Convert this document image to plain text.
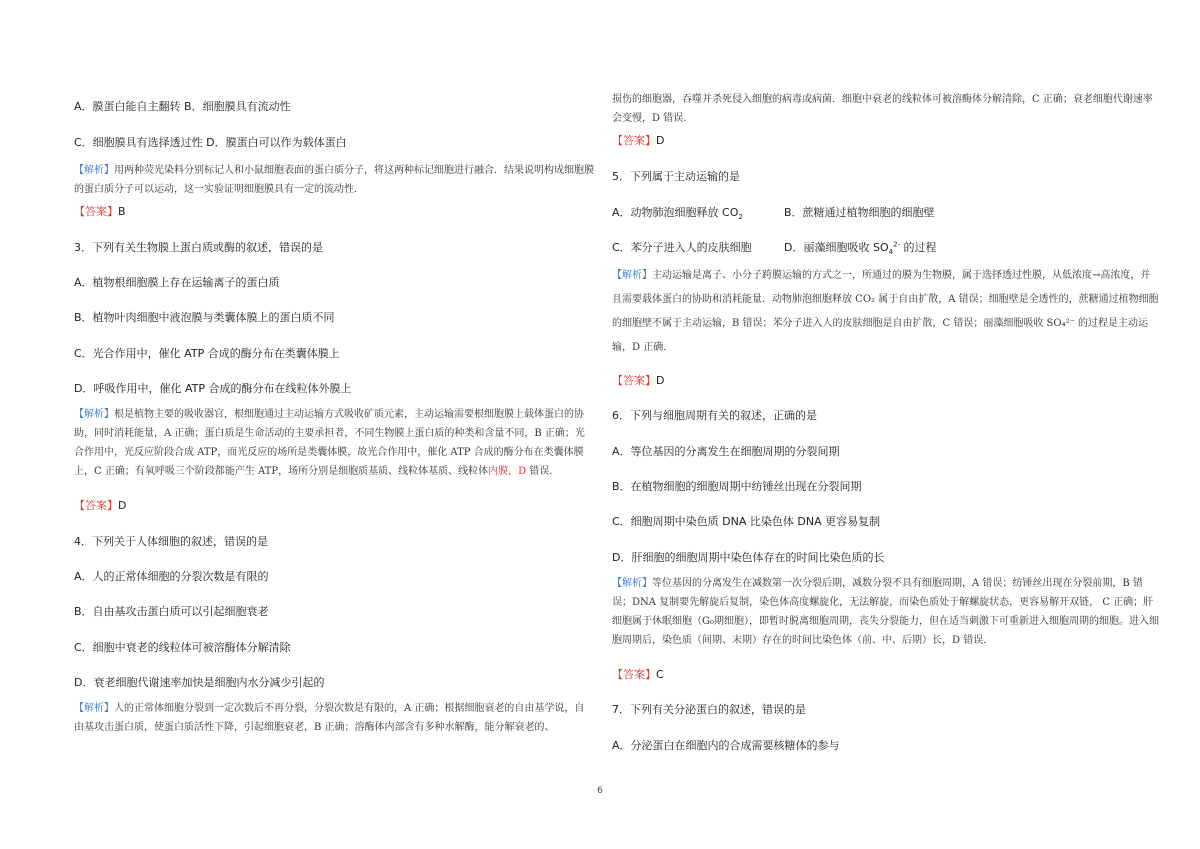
A．膜蛋白能自主翻转 B．细胞膜具有流动性
C．细胞膜具有选择透过性 D．膜蛋白可以作为载体蛋白
【解析】用两种荧光染料分别标记人和小鼠细胞表面的蛋白质分子，将这两种标记细胞进行融合．结果说明构成细胞膜的蛋白质分子可以运动，这一实验证明细胞膜具有一定的流动性．
【答案】B
3．下列有关生物膜上蛋白质或酶的叙述，错误的是
A．植物根细胞膜上存在运输离子的蛋白质
B．植物叶肉细胞中液泡膜与类囊体膜上的蛋白质不同
C．光合作用中，催化 ATP 合成的酶分布在类囊体膜上
D．呼吸作用中，催化 ATP 合成的酶分布在线粒体外膜上
【解析】根是植物主要的吸收器官，根细胞通过主动运输方式吸收矿质元素，主动运输需要根细胞膜上载体蛋白的协助，同时消耗能量，A 正确；蛋白质是生命活动的主要承担者，不同生物膜上蛋白质的种类和含量不同，B 正确；光合作用中，光反应阶段合成 ATP，而光反应的场所是类囊体膜，故光合作用中，催化 ATP 合成的酶分布在类囊体膜上，C 正确；有氧呼吸三个阶段都能产生 ATP，场所分别是细胞质基质、线粒体基质、线粒体内膜，D 错误．
【答案】D
4．下列关于人体细胞的叙述，错误的是
A．人的正常体细胞的分裂次数是有限的
B．自由基攻击蛋白质可以引起细胞衰老
C．细胞中衰老的线粒体可被溶酶体分解清除
D．衰老细胞代谢速率加快是细胞内水分减少引起的
【解析】人的正常体细胞分裂到一定次数后不再分裂，分裂次数是有限的，A 正确；根据细胞衰老的自由基学说，自由基攻击蛋白质，使蛋白质活性下降，引起细胞衰老，B 正确；溶酶体内部含有多种水解酶，能分解衰老的、
损伤的细胞器，吞噬并杀死侵入细胞的病毒或病菌．细胞中衰老的线粒体可被溶酶体分解清除，C 正确；衰老细胞代谢速率会变慢，D 错误．
【答案】D
5．下列属于主动运输的是
A．动物肺泡细胞释放 $CO_2$	B．蔗糖通过植物细胞的细胞壁
C．苯分子进入人的皮肤细胞	D．丽藻细胞吸收 $SO_4^{2-}$ 的过程
【解析】主动运输是离子、小分子跨膜运输的方式之一，所通过的膜为生物膜，属于选择透过性膜，从低浓度→高浓度，并且需要载体蛋白的协助和消耗能量．动物肺泡细胞释放 CO₂ 属于自由扩散，A 错误；细胞壁是全透性的，蔗糖通过植物细胞的细胞壁不属于主动运输，B 错误；苯分子进入人的皮肤细胞是自由扩散，C 错误；丽藻细胞吸收 SO₄²⁻ 的过程是主动运输，D 正确．
【答案】D
6．下列与细胞周期有关的叙述，正确的是
A．等位基因的分离发生在细胞周期的分裂间期
B．在植物细胞的细胞周期中纺锤丝出现在分裂间期
C．细胞周期中染色质 DNA 比染色体 DNA 更容易复制
D．肝细胞的细胞周期中染色体存在的时间比染色质的长
【解析】等位基因的分离发生在减数第一次分裂后期，减数分裂不具有细胞周期，A 错误；纺锤丝出现在分裂前期，B 错误；DNA 复制要先解旋后复制，染色体高度螺旋化，无法解旋，而染色质处于解螺旋状态，更容易解开双链， C 正确；肝细胞属于休眠细胞（G₀期细胞），即暂时脱离细胞周期，丧失分裂能力，但在适当刺激下可重新进入细胞周期的细胞。进入细胞周期后，染色质（间期、末期）存在的时间比染色体（前、中、后期）长，D 错误．
【答案】C
7．下列有关分泌蛋白的叙述，错误的是
A．分泌蛋白在细胞内的合成需要核糖体的参与
6
